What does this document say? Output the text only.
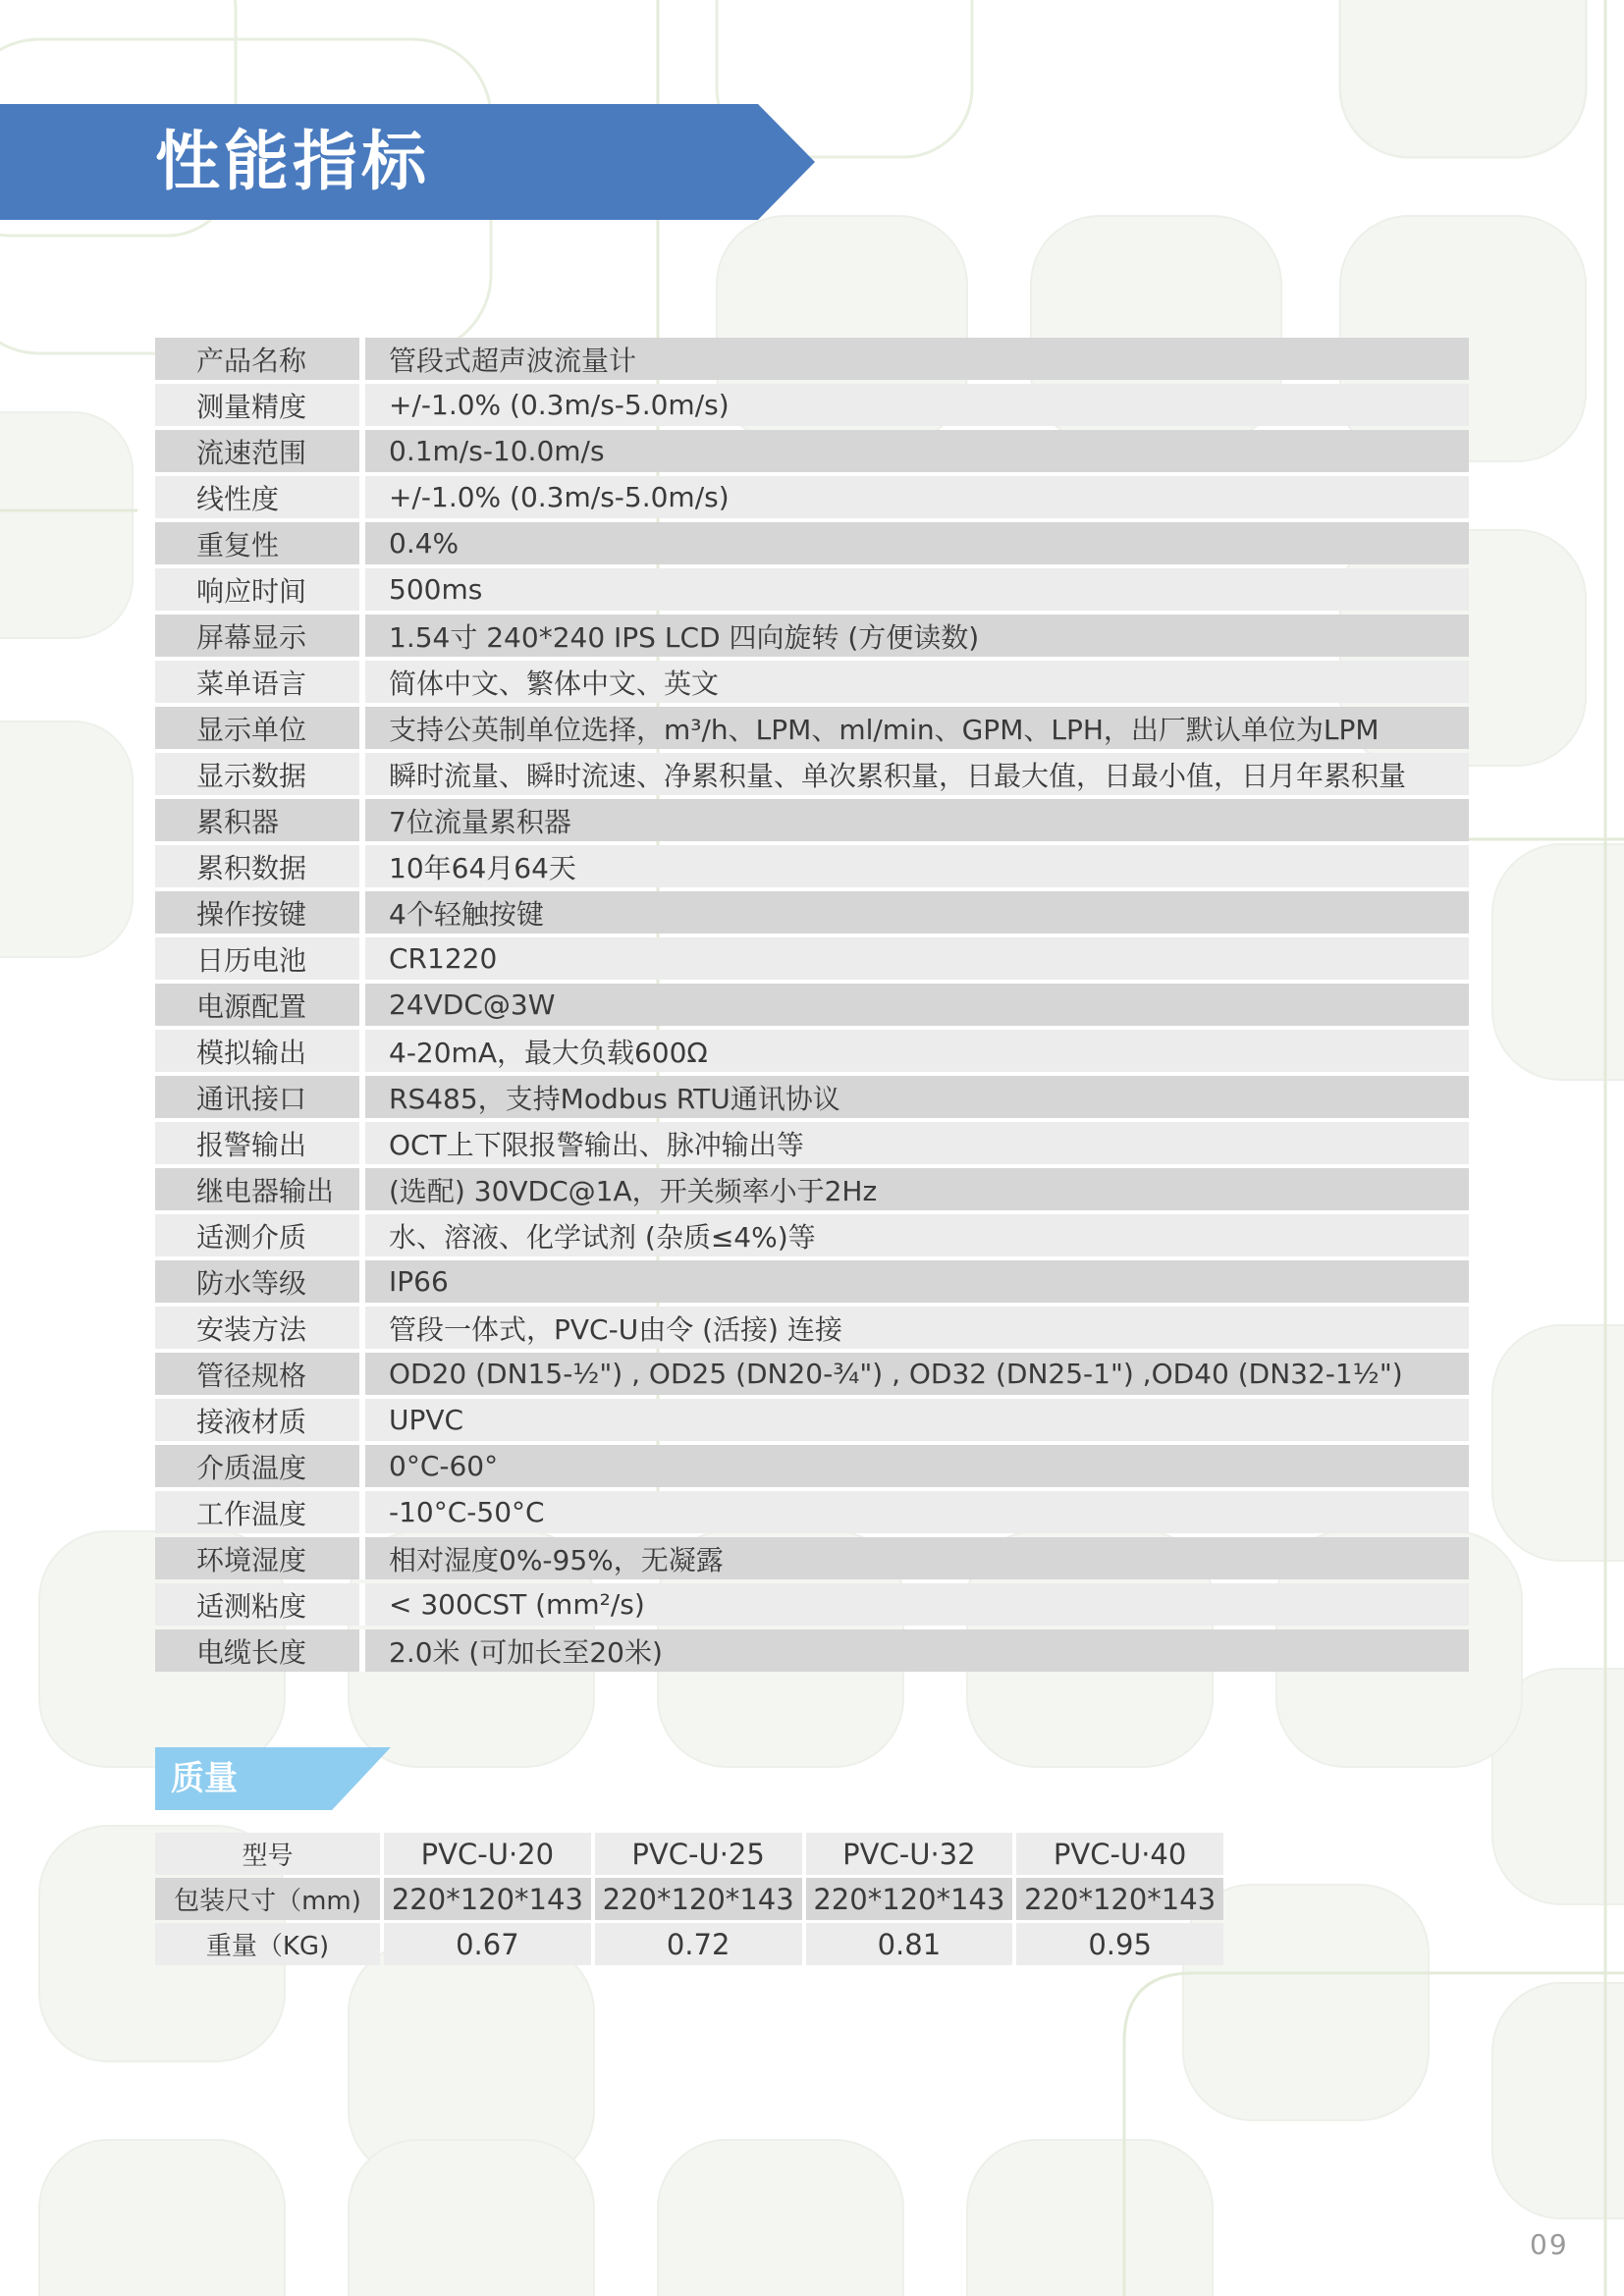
性能指标
产品名称	管段式超声波流量计
测量精度	+/-1.0% (0.3m/s-5.0m/s)
流速范围	0.1m/s-10.0m/s
线性度	+/-1.0% (0.3m/s-5.0m/s)
重复性	0.4%
响应时间	500ms
屏幕显示	1.54寸 240*240 IPS LCD 四向旋转 (方便读数)
菜单语言	简体中文、繁体中文、英文
显示单位	支持公英制单位选择，m³/h、LPM、ml/min、GPM、LPH，出厂默认单位为LPM
显示数据	瞬时流量、瞬时流速、净累积量、单次累积量，日最大值，日最小值，日月年累积量
累积器	7位流量累积器
累积数据	10年64月64天
操作按键	4个轻触按键
日历电池	CR1220
电源配置	24VDC@3W
模拟输出	4-20mA，最大负载600Ω
通讯接口	RS485，支持Modbus RTU通讯协议
报警输出	OCT上下限报警输出、脉冲输出等
继电器输出	(选配) 30VDC@1A，开关频率小于2Hz
适测介质	水、溶液、化学试剂 (杂质≤4%)等
防水等级	IP66
安装方法	管段一体式，PVC-U由令 (活接) 连接
管径规格	OD20 (DN15-½") , OD25 (DN20-¾") , OD32 (DN25-1") ,OD40 (DN32-1½")
接液材质	UPVC
介质温度	0°C-60°
工作温度	-10°C-50°C
环境湿度	相对湿度0%-95%，无凝露
适测粘度	< 300CST (mm²/s)
电缆长度	2.0米 (可加长至20米)
质量
型号	PVC-U·20	PVC-U·25	PVC-U·32	PVC-U·40
包装尺寸（mm)	220*120*143	220*120*143	220*120*143	220*120*143
重量（KG)	0.67	0.72	0.81	0.95
09
